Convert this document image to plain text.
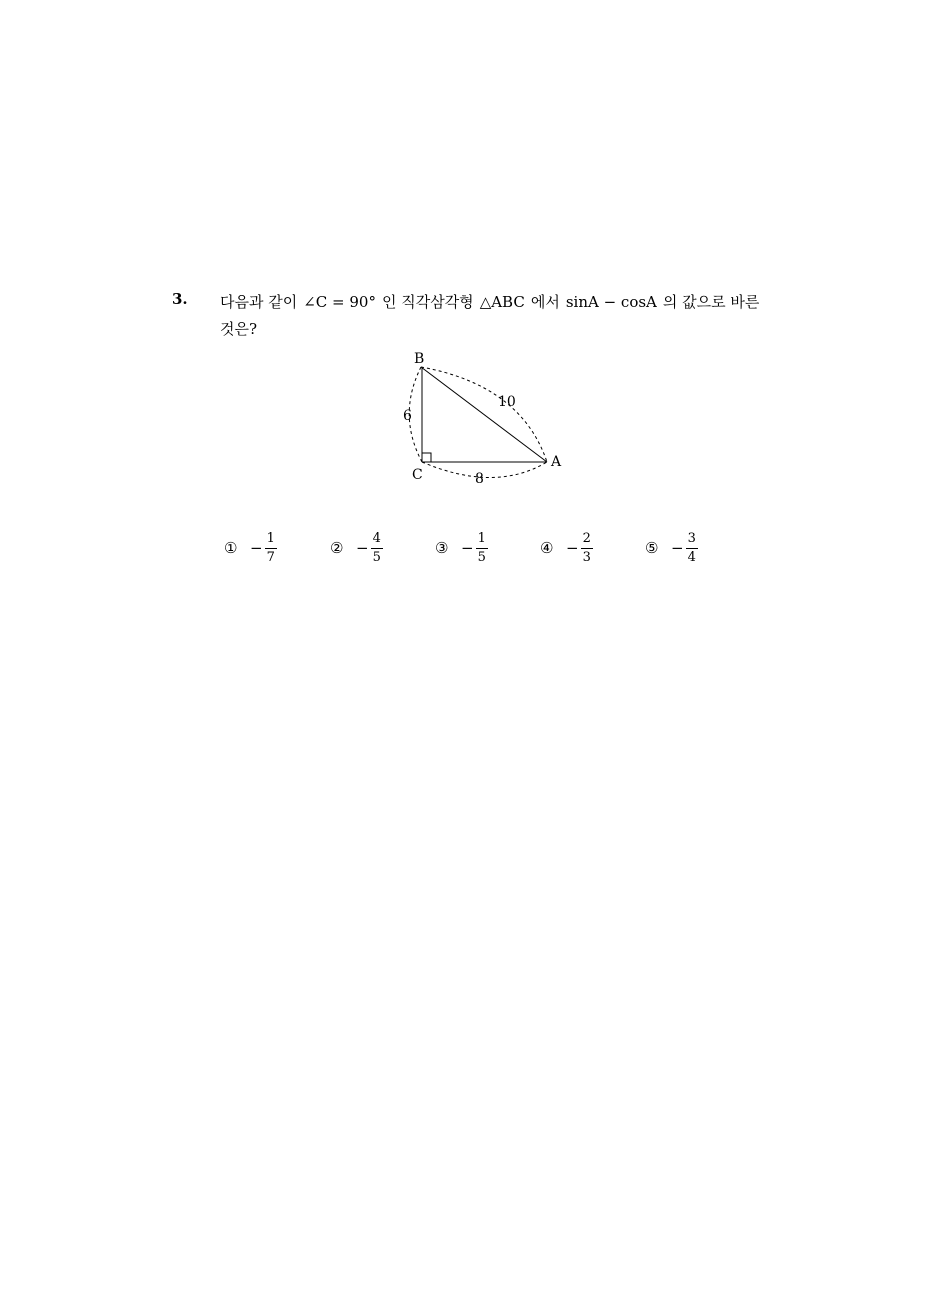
3. 다음과 같이 ∠C = 90° 인 직각삼각형 △ABC 에서 sinA − cosA 의 값으로 바른
것은?
B
C
A
6
10
8
① − $\frac{1}{7}$	② − $\frac{4}{5}$	③ − $\frac{1}{5}$	④ − $\frac{2}{3}$	⑤ − $\frac{3}{4}$
